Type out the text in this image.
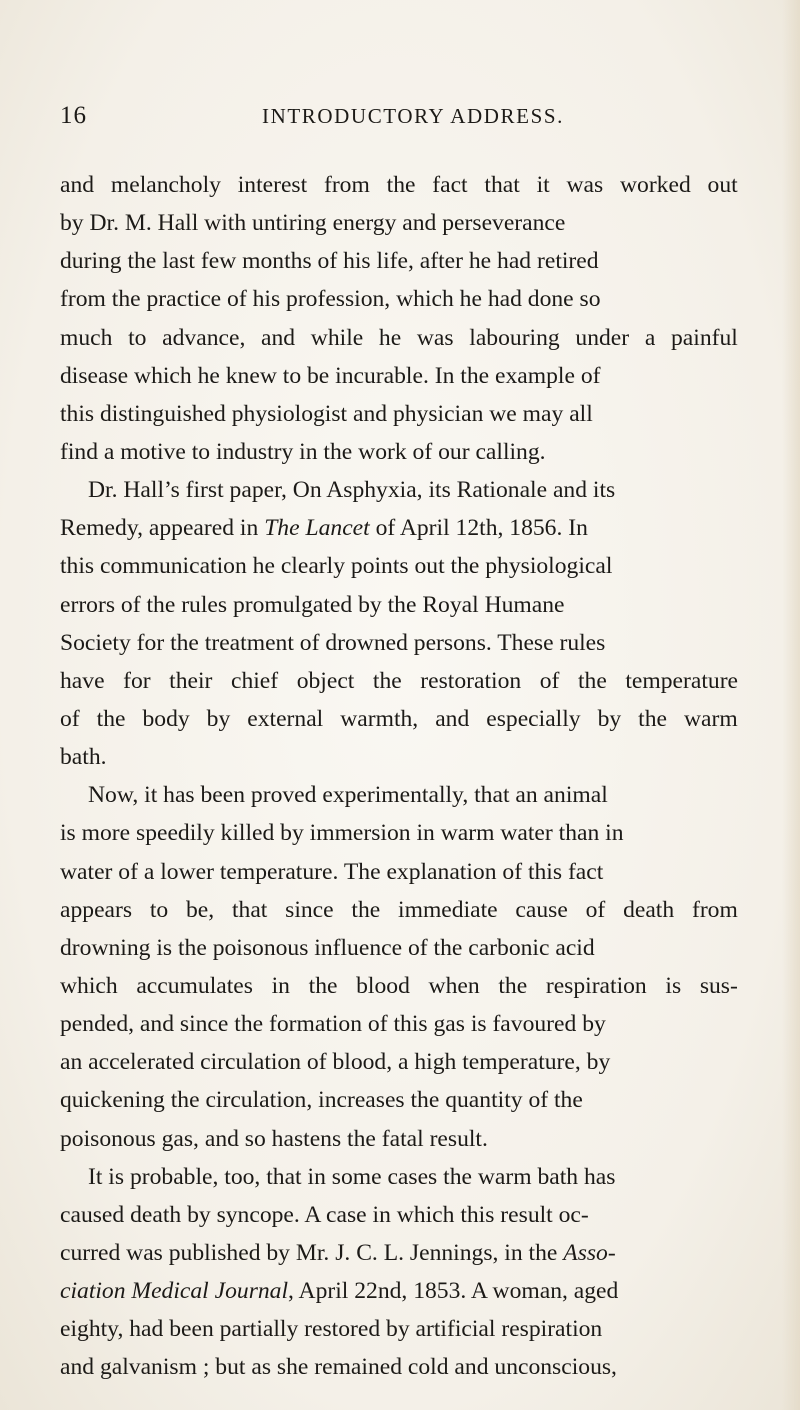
16	INTRODUCTORY ADDRESS.
and melancholy interest from the fact that it was worked out
by Dr. M. Hall with untiring energy and perseverance
during the last few months of his life, after he had retired
from the practice of his profession, which he had done so
much to advance, and while he was labouring under a painful
disease which he knew to be incurable. In the example of
this distinguished physiologist and physician we may all
find a motive to industry in the work of our calling.
Dr. Hall’s first paper, On Asphyxia, its Rationale and its
Remedy, appeared in The Lancet of April 12th, 1856. In
this communication he clearly points out the physiological
errors of the rules promulgated by the Royal Humane
Society for the treatment of drowned persons. These rules
have for their chief object the restoration of the temperature
of the body by external warmth, and especially by the warm
bath.
Now, it has been proved experimentally, that an animal
is more speedily killed by immersion in warm water than in
water of a lower temperature. The explanation of this fact
appears to be, that since the immediate cause of death from
drowning is the poisonous influence of the carbonic acid
which accumulates in the blood when the respiration is sus-
pended, and since the formation of this gas is favoured by
an accelerated circulation of blood, a high temperature, by
quickening the circulation, increases the quantity of the
poisonous gas, and so hastens the fatal result.
It is probable, too, that in some cases the warm bath has
caused death by syncope. A case in which this result oc-
curred was published by Mr. J. C. L. Jennings, in the Asso-
ciation Medical Journal, April 22nd, 1853. A woman, aged
eighty, had been partially restored by artificial respiration
and galvanism ; but as she remained cold and unconscious,
